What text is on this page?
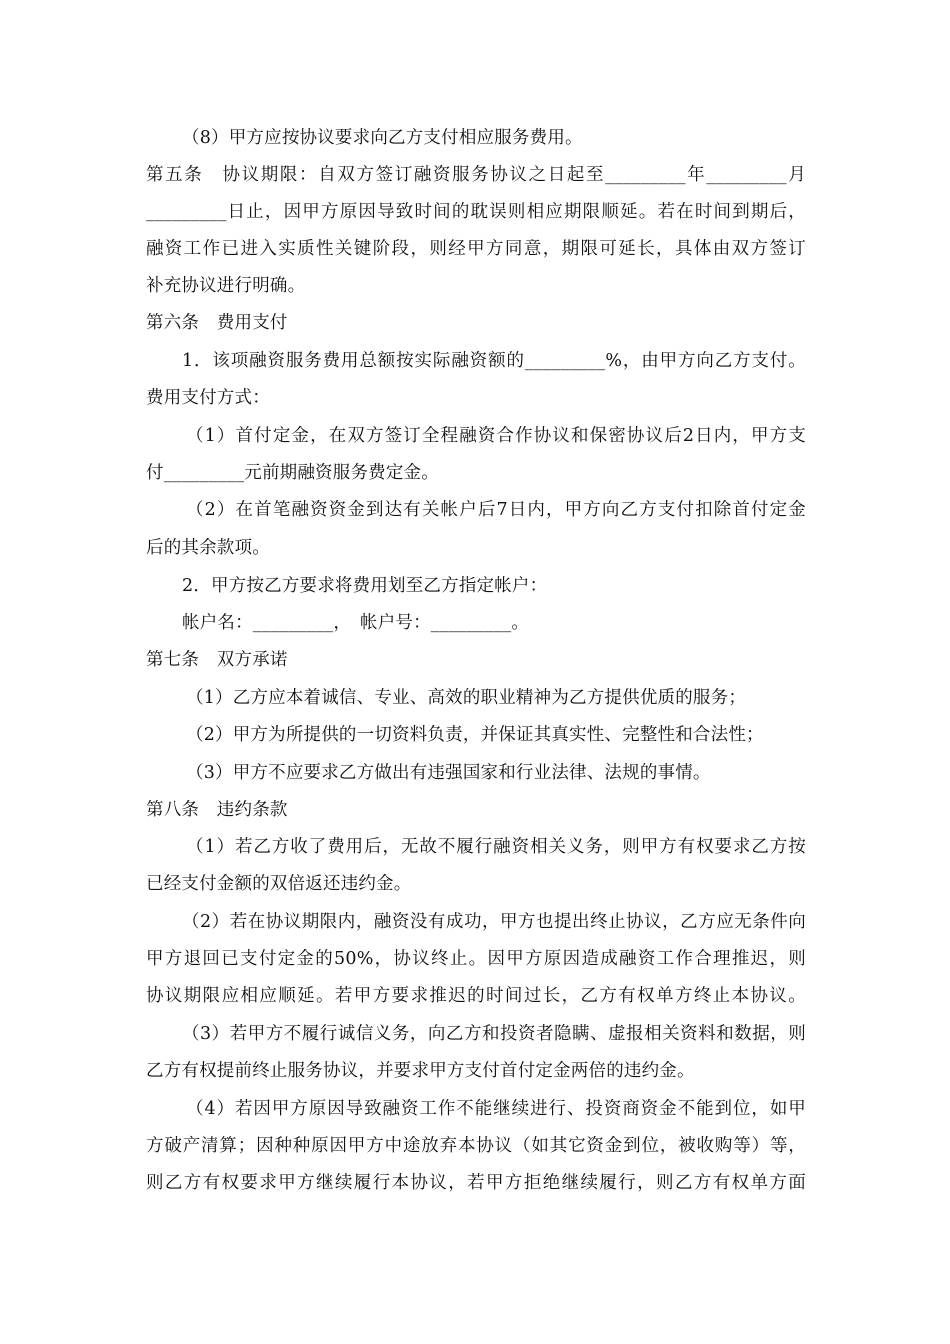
（8）甲方应按协议要求向乙方支付相应服务费用。
第五条　协议期限：自双方签订融资服务协议之日起至_________年_________月
_________日止，因甲方原因导致时间的耽误则相应期限顺延。若在时间到期后，
融资工作已进入实质性关键阶段，则经甲方同意，期限可延长，具体由双方签订
补充协议进行明确。
第六条　费用支付
1．该项融资服务费用总额按实际融资额的_________%，由甲方向乙方支付。
费用支付方式：
（1）首付定金，在双方签订全程融资合作协议和保密协议后2日内，甲方支
付_________元前期融资服务费定金。
（2）在首笔融资资金到达有关帐户后7日内，甲方向乙方支付扣除首付定金
后的其余款项。
2．甲方按乙方要求将费用划至乙方指定帐户：
帐户名：_________，　帐户号：_________。
第七条　双方承诺
（1）乙方应本着诚信、专业、高效的职业精神为乙方提供优质的服务；
（2）甲方为所提供的一切资料负责，并保证其真实性、完整性和合法性；
（3）甲方不应要求乙方做出有违强国家和行业法律、法规的事情。
第八条　违约条款
（1）若乙方收了费用后，无故不履行融资相关义务，则甲方有权要求乙方按
已经支付金额的双倍返还违约金。
（2）若在协议期限内，融资没有成功，甲方也提出终止协议，乙方应无条件向
甲方退回已支付定金的50%，协议终止。因甲方原因造成融资工作合理推迟，则
协议期限应相应顺延。若甲方要求推迟的时间过长，乙方有权单方终止本协议。
（3）若甲方不履行诚信义务，向乙方和投资者隐瞒、虚报相关资料和数据，则
乙方有权提前终止服务协议，并要求甲方支付首付定金两倍的违约金。
（4）若因甲方原因导致融资工作不能继续进行、投资商资金不能到位，如甲
方破产清算；因种种原因甲方中途放弃本协议（如其它资金到位，被收购等）等，
则乙方有权要求甲方继续履行本协议，若甲方拒绝继续履行，则乙方有权单方面
